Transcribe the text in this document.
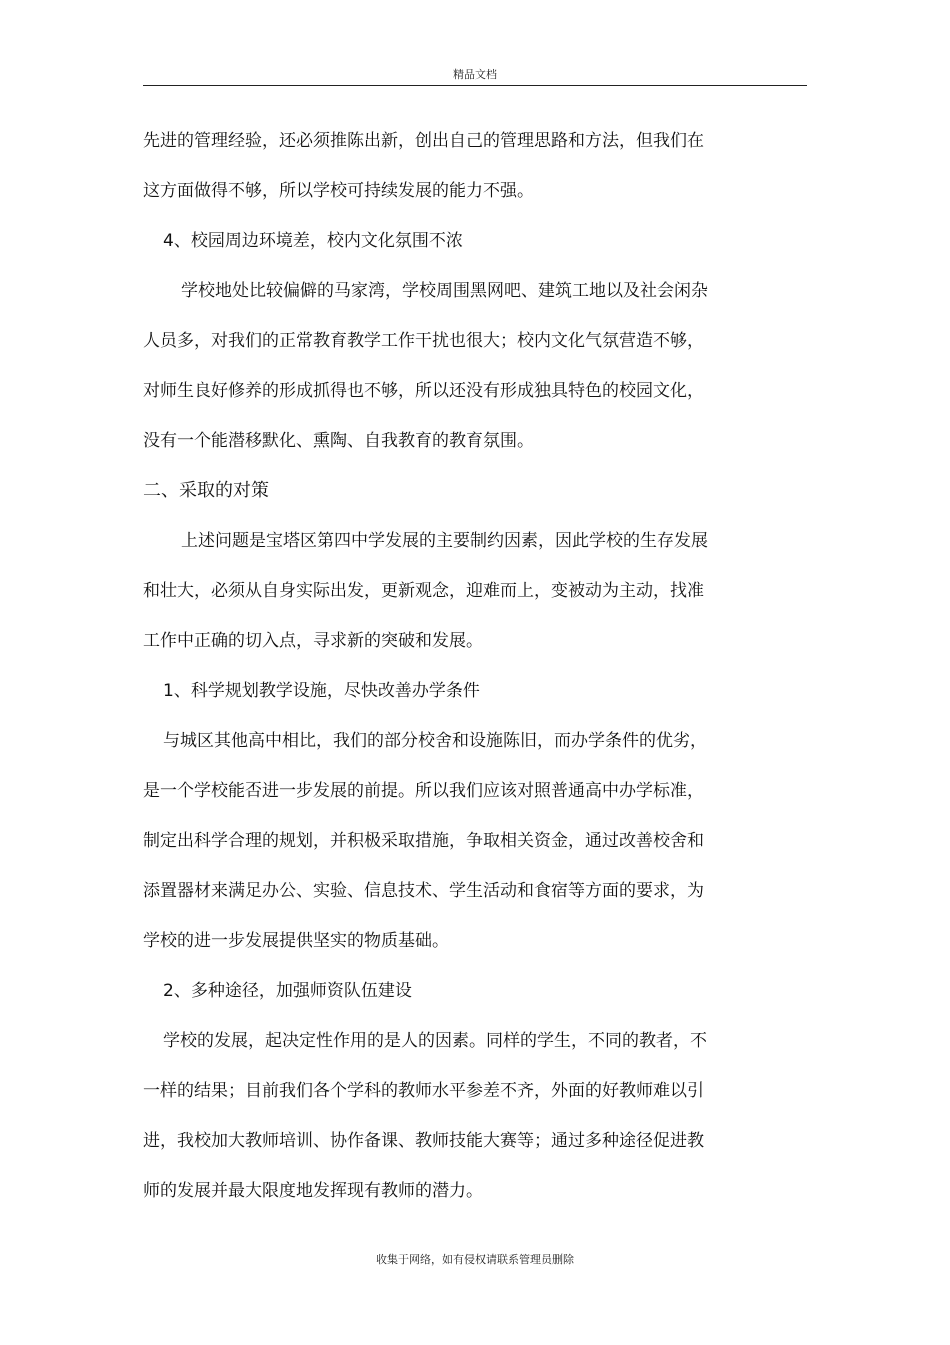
精品文档
先进的管理经验，还必须推陈出新，创出自己的管理思路和方法，但我们在
这方面做得不够，所以学校可持续发展的能力不强。
4、校园周边环境差，校内文化氛围不浓
学校地处比较偏僻的马家湾，学校周围黑网吧、建筑工地以及社会闲杂
人员多，对我们的正常教育教学工作干扰也很大；校内文化气氛营造不够，
对师生良好修养的形成抓得也不够，所以还没有形成独具特色的校园文化，
没有一个能潜移默化、熏陶、自我教育的教育氛围。
二、采取的对策
上述问题是宝塔区第四中学发展的主要制约因素，因此学校的生存发展
和壮大，必须从自身实际出发，更新观念，迎难而上，变被动为主动，找准
工作中正确的切入点，寻求新的突破和发展。
1、科学规划教学设施，尽快改善办学条件
与城区其他高中相比，我们的部分校舍和设施陈旧，而办学条件的优劣，
是一个学校能否进一步发展的前提。所以我们应该对照普通高中办学标准，
制定出科学合理的规划，并积极采取措施，争取相关资金，通过改善校舍和
添置器材来满足办公、实验、信息技术、学生活动和食宿等方面的要求，为
学校的进一步发展提供坚实的物质基础。
2、多种途径，加强师资队伍建设
学校的发展，起决定性作用的是人的因素。同样的学生，不同的教者，不
一样的结果；目前我们各个学科的教师水平参差不齐，外面的好教师难以引
进，我校加大教师培训、协作备课、教师技能大赛等；通过多种途径促进教
师的发展并最大限度地发挥现有教师的潜力。
收集于网络，如有侵权请联系管理员删除
